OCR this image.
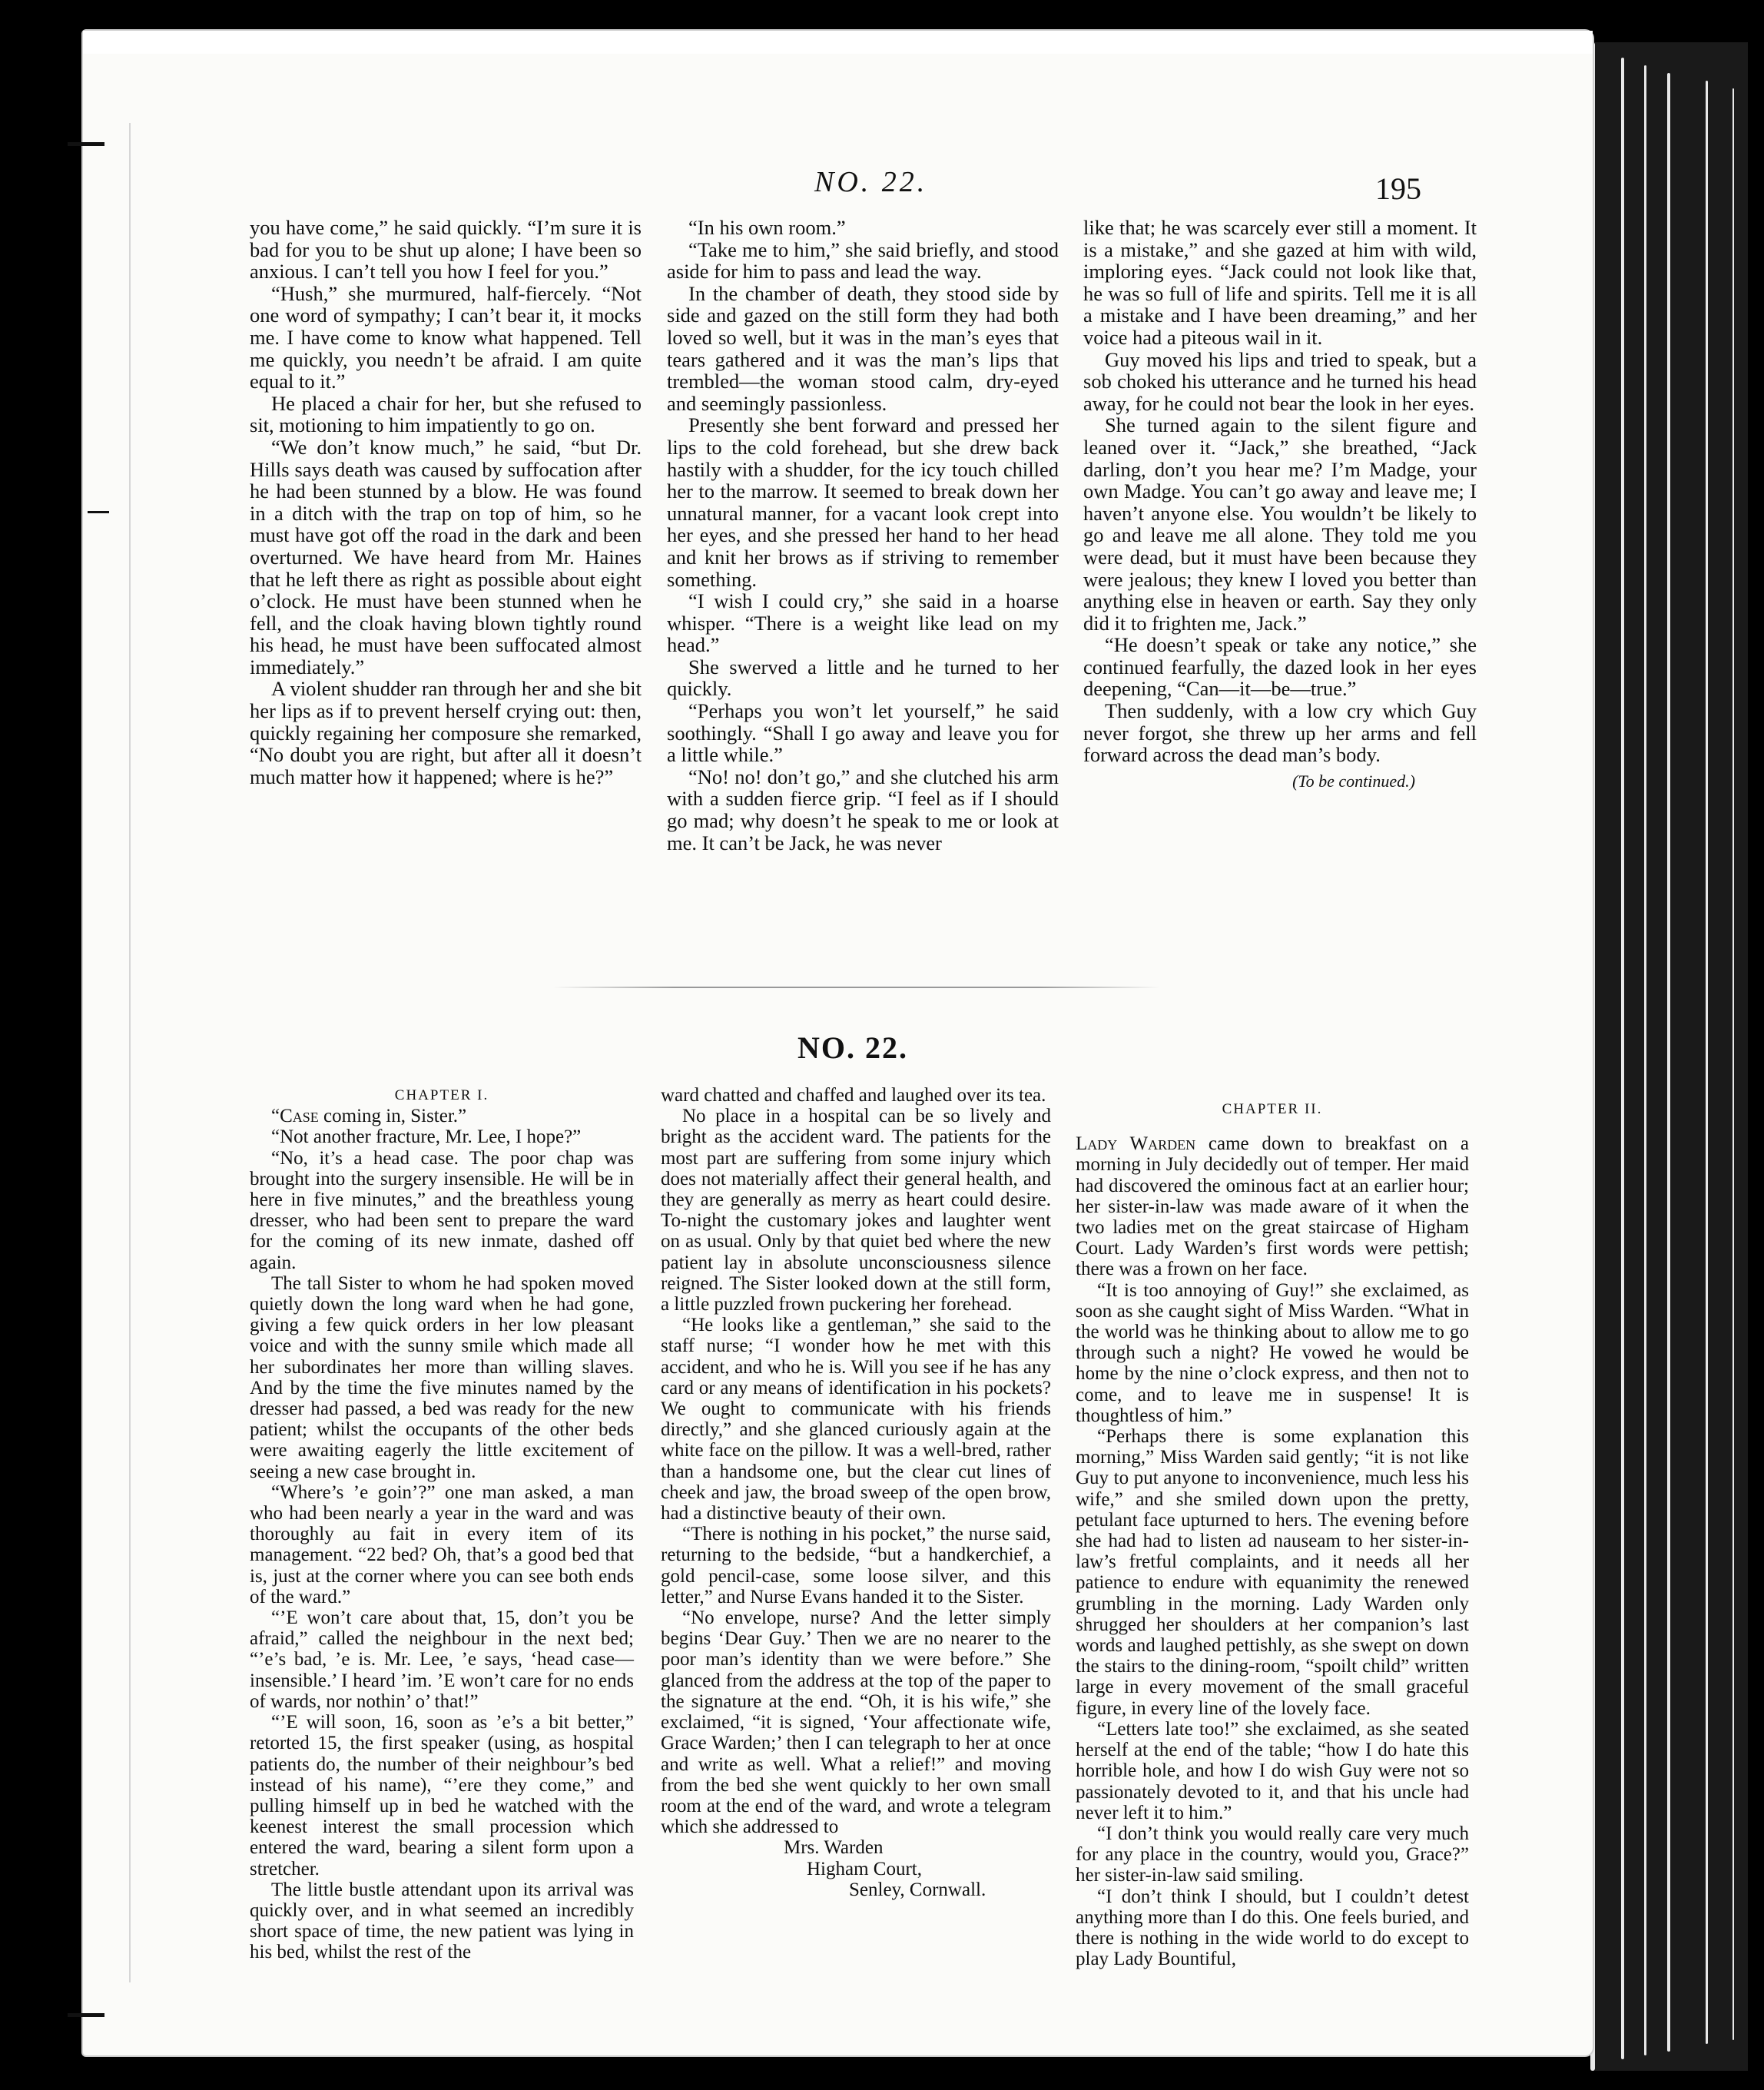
NO. 22.	195

you have come,” he said quickly. “I’m sure it is bad for you to be shut up alone; I have been so anxious. I can’t tell you how I feel for you.”

“Hush,” she murmured, half-fiercely. “Not one word of sympathy; I can’t bear it, it mocks me. I have come to know what happened. Tell me quickly, you needn’t be afraid. I am quite equal to it.”

He placed a chair for her, but she refused to sit, motioning to him impatiently to go on.

“We don’t know much,” he said, “but Dr. Hills says death was caused by suffocation after he had been stunned by a blow. He was found in a ditch with the trap on top of him, so he must have got off the road in the dark and been overturned. We have heard from Mr. Haines that he left there as right as possible about eight o’clock. He must have been stunned when he fell, and the cloak having blown tightly round his head, he must have been suffocated almost immediately.”

A violent shudder ran through her and she bit her lips as if to prevent herself crying out: then, quickly regaining her composure she remarked, “No doubt you are right, but after all it doesn’t much matter how it happened; where is he?”

“In his own room.”

“Take me to him,” she said briefly, and stood aside for him to pass and lead the way.

In the chamber of death, they stood side by side and gazed on the still form they had both loved so well, but it was in the man’s eyes that tears gathered and it was the man’s lips that trembled—the woman stood calm, dry-eyed and seemingly passionless.

Presently she bent forward and pressed her lips to the cold forehead, but she drew back hastily with a shudder, for the icy touch chilled her to the marrow. It seemed to break down her unnatural manner, for a vacant look crept into her eyes, and she pressed her hand to her head and knit her brows as if striving to remember something.

“I wish I could cry,” she said in a hoarse whisper. “There is a weight like lead on my head.”

She swerved a little and he turned to her quickly.

“Perhaps you won’t let yourself,” he said soothingly. “Shall I go away and leave you for a little while.”

“No! no! don’t go,” and she clutched his arm with a sudden fierce grip. “I feel as if I should go mad; why doesn’t he speak to me or look at me. It can’t be Jack, he was never

like that; he was scarcely ever still a moment. It is a mistake,” and she gazed at him with wild, imploring eyes. “Jack could not look like that, he was so full of life and spirits. Tell me it is all a mistake and I have been dreaming,” and her voice had a piteous wail in it.

Guy moved his lips and tried to speak, but a sob choked his utterance and he turned his head away, for he could not bear the look in her eyes.

She turned again to the silent figure and leaned over it. “Jack,” she breathed, “Jack darling, don’t you hear me? I’m Madge, your own Madge. You can’t go away and leave me; I haven’t anyone else. You wouldn’t be likely to go and leave me all alone. They told me you were dead, but it must have been because they were jealous; they knew I loved you better than anything else in heaven or earth. Say they only did it to frighten me, Jack.”

“He doesn’t speak or take any notice,” she continued fearfully, the dazed look in her eyes deepening, “Can—it—be—true.”

Then suddenly, with a low cry which Guy never forgot, she threw up her arms and fell forward across the dead man’s body.

(To be continued.)
NO. 22.

CHAPTER I.

“Case coming in, Sister.”

“Not another fracture, Mr. Lee, I hope?”

“No, it’s a head case. The poor chap was brought into the surgery insensible. He will be in here in five minutes,” and the breathless young dresser, who had been sent to prepare the ward for the coming of its new inmate, dashed off again.

The tall Sister to whom he had spoken moved quietly down the long ward when he had gone, giving a few quick orders in her low pleasant voice and with the sunny smile which made all her subordinates her more than willing slaves. And by the time the five minutes named by the dresser had passed, a bed was ready for the new patient; whilst the occupants of the other beds were awaiting eagerly the little excitement of seeing a new case brought in.

“Where’s ’e goin’?” one man asked, a man who had been nearly a year in the ward and was thoroughly au fait in every item of its management. “22 bed? Oh, that’s a good bed that is, just at the corner where you can see both ends of the ward.”

“’E won’t care about that, 15, don’t you be afraid,” called the neighbour in the next bed; “’e’s bad, ’e is. Mr. Lee, ’e says, ‘head case—insensible.’ I heard ’im. ’E won’t care for no ends of wards, nor nothin’ o’ that!”

“’E will soon, 16, soon as ’e’s a bit better,” retorted 15, the first speaker (using, as hospital patients do, the number of their neighbour’s bed instead of his name), “’ere they come,” and pulling himself up in bed he watched with the keenest interest the small procession which entered the ward, bearing a silent form upon a stretcher.

The little bustle attendant upon its arrival was quickly over, and in what seemed an incredibly short space of time, the new patient was lying in his bed, whilst the rest of the

ward chatted and chaffed and laughed over its tea.

No place in a hospital can be so lively and bright as the accident ward. The patients for the most part are suffering from some injury which does not materially affect their general health, and they are generally as merry as heart could desire. To-night the customary jokes and laughter went on as usual. Only by that quiet bed where the new patient lay in absolute unconsciousness silence reigned. The Sister looked down at the still form, a little puzzled frown puckering her forehead.

“He looks like a gentleman,” she said to the staff nurse; “I wonder how he met with this accident, and who he is. Will you see if he has any card or any means of identification in his pockets? We ought to communicate with his friends directly,” and she glanced curiously again at the white face on the pillow. It was a well-bred, rather than a handsome one, but the clear cut lines of cheek and jaw, the broad sweep of the open brow, had a distinctive beauty of their own.

“There is nothing in his pocket,” the nurse said, returning to the bedside, “but a handkerchief, a gold pencil-case, some loose silver, and this letter,” and Nurse Evans handed it to the Sister.

“No envelope, nurse? And the letter simply begins ‘Dear Guy.’ Then we are no nearer to the poor man’s identity than we were before.” She glanced from the address at the top of the paper to the signature at the end. “Oh, it is his wife,” she exclaimed, “it is signed, ‘Your affectionate wife, Grace Warden;’ then I can telegraph to her at once and write as well. What a relief!” and moving from the bed she went quickly to her own small room at the end of the ward, and wrote a telegram which she addressed to

Mrs. Warden

Higham Court,

Senley, Cornwall.

CHAPTER II.

Lady Warden came down to breakfast on a morning in July decidedly out of temper. Her maid had discovered the ominous fact at an earlier hour; her sister-in-law was made aware of it when the two ladies met on the great staircase of Higham Court. Lady Warden’s first words were pettish; there was a frown on her face.

“It is too annoying of Guy!” she exclaimed, as soon as she caught sight of Miss Warden. “What in the world was he thinking about to allow me to go through such a night? He vowed he would be home by the nine o’clock express, and then not to come, and to leave me in suspense! It is thoughtless of him.”

“Perhaps there is some explanation this morning,” Miss Warden said gently; “it is not like Guy to put anyone to inconvenience, much less his wife,” and she smiled down upon the pretty, petulant face upturned to hers. The evening before she had had to listen ad nauseam to her sister-in-law’s fretful complaints, and it needs all her patience to endure with equanimity the renewed grumbling in the morning. Lady Warden only shrugged her shoulders at her companion’s last words and laughed pettishly, as she swept on down the stairs to the dining-room, “spoilt child” written large in every movement of the small graceful figure, in every line of the lovely face.

“Letters late too!” she exclaimed, as she seated herself at the end of the table; “how I do hate this horrible hole, and how I do wish Guy were not so passionately devoted to it, and that his uncle had never left it to him.”

“I don’t think you would really care very much for any place in the country, would you, Grace?” her sister-in-law said smiling.

“I don’t think I should, but I couldn’t detest anything more than I do this. One feels buried, and there is nothing in the wide world to do except to play Lady Bountiful,
